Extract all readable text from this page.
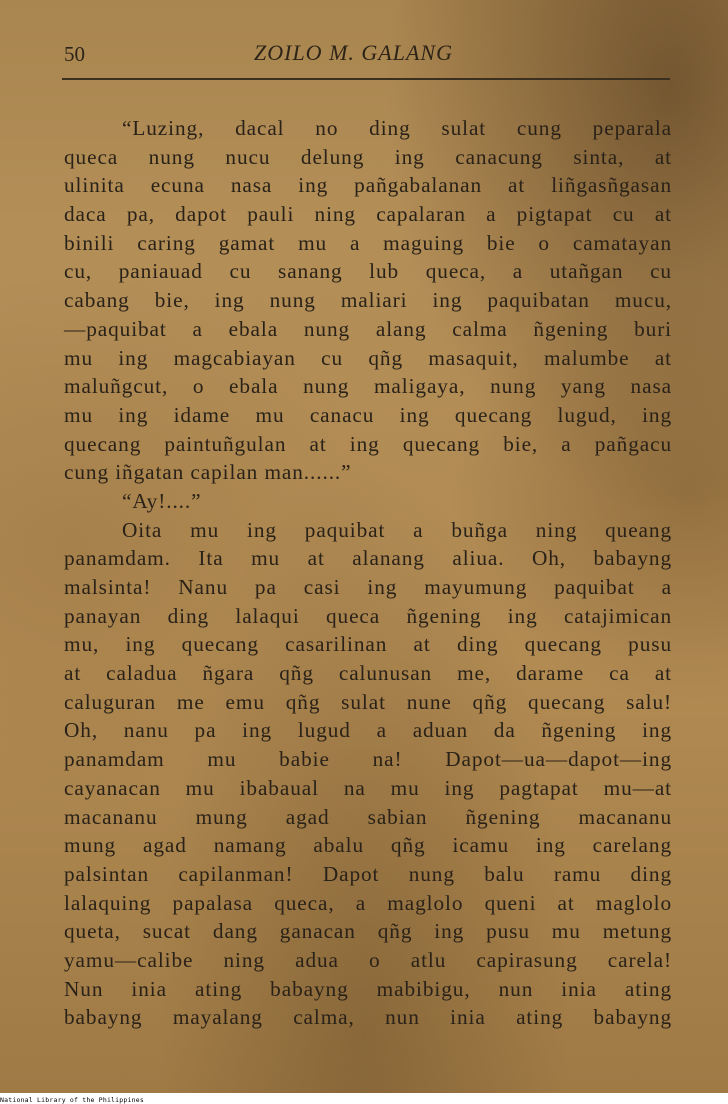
50	ZOILO M. GALANG
“Luzing, dacal no ding sulat cung peparala
queca nung nucu delung ing canacung sinta, at
ulinita ecuna nasa ing pañgabalanan at liñgasñgasan
daca pa, dapot pauli ning capalaran a pigtapat cu at
binili caring gamat mu a maguing bie o camatayan
cu, paniauad cu sanang lub queca, a utañgan cu
cabang bie, ing nung maliari ing paquibatan mucu,
—paquibat a ebala nung alang calma ñgening buri
mu ing magcabiayan cu qñg masaquit, malumbe at
maluñgcut, o ebala nung maligaya, nung yang nasa
mu ing idame mu canacu ing quecang lugud, ing
quecang paintuñgulan at ing quecang bie, a pañgacu
cung iñgatan capilan man......”
“Ay!....”
Oita mu ing paquibat a buñga ning queang
panamdam. Ita mu at alanang aliua. Oh, babayng
malsinta! Nanu pa casi ing mayumung paquibat a
panayan ding lalaqui queca ñgening ing catajimican
mu, ing quecang casarilinan at ding quecang pusu
at caladua ñgara qñg calunusan me, darame ca at
caluguran me emu qñg sulat nune qñg quecang salu!
Oh, nanu pa ing lugud a aduan da ñgening ing
panamdam mu babie na! Dapot—ua—dapot—ing
cayanacan mu ibabaual na mu ing pagtapat mu—at
macananu mung agad sabian ñgening macananu
mung agad namang abalu qñg icamu ing carelang
palsintan capilanman! Dapot nung balu ramu ding
lalaquing papalasa queca, a maglolo queni at maglolo
queta, sucat dang ganacan qñg ing pusu mu metung
yamu—calibe ning adua o atlu capirasung carela!
Nun inia ating babayng mabibigu, nun inia ating
babayng mayalang calma, nun inia ating babayng
National Library of the Philippines
